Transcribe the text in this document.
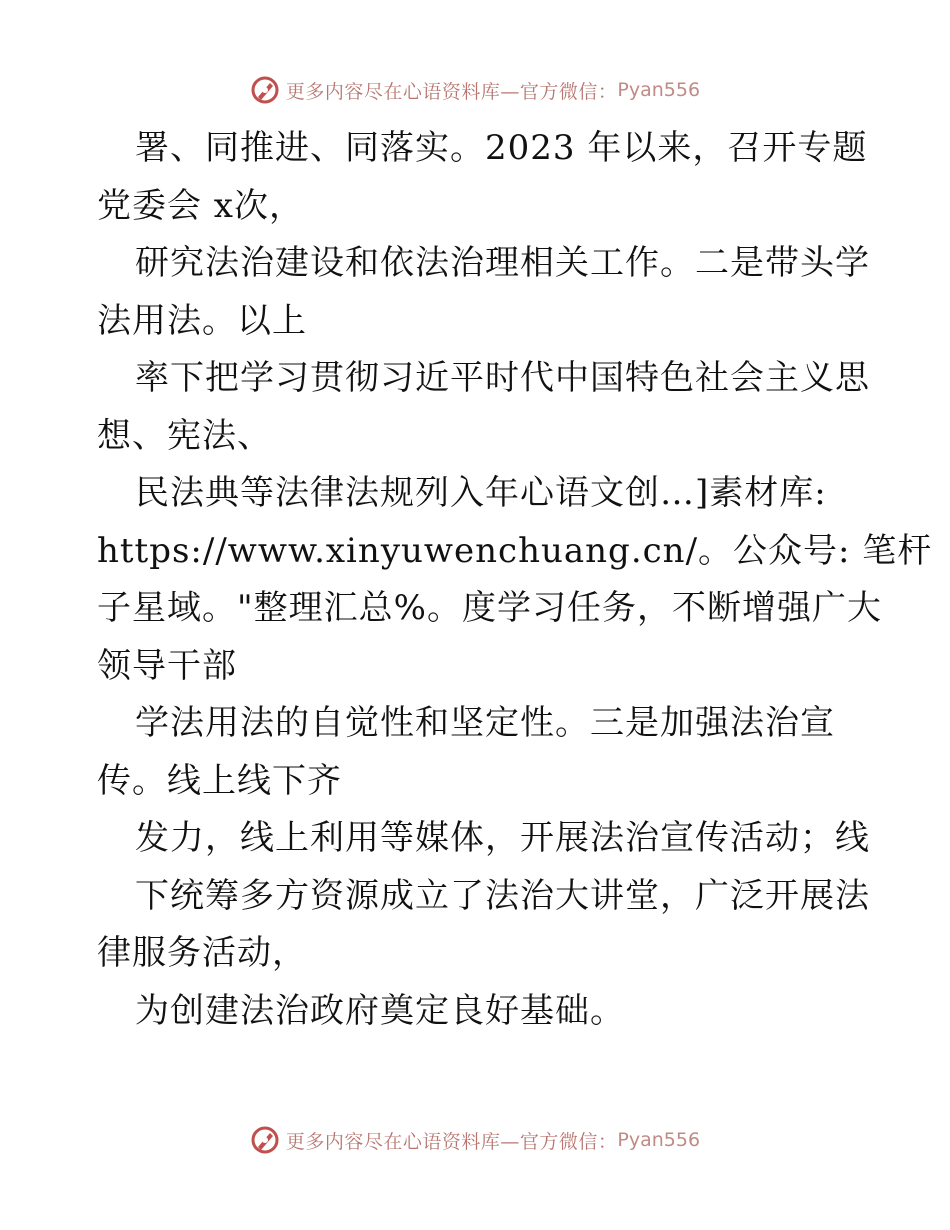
更多内容尽在心语资料库—官方微信： Pyan556
署、同推进、同落实。2023 年以来，召开专题
党委会 x次，
研究法治建设和依法治理相关工作。二是带头学
法用法。以上
率下把学习贯彻习近平时代中国特色社会主义思
想、宪法、
民法典等法律法规列入年心语文创…]素材库:
https://www.xinyuwenchuang.cn/。公众号: 笔杆
子星域。"整理汇总%。度学习任务，不断增强广大
领导干部
学法用法的自觉性和坚定性。三是加强法治宣
传。线上线下齐
发力，线上利用等媒体，开展法治宣传活动；线
下统筹多方资源成立了法治大讲堂，广泛开展法
律服务活动，
为创建法治政府奠定良好基础。
更多内容尽在心语资料库—官方微信： Pyan556
